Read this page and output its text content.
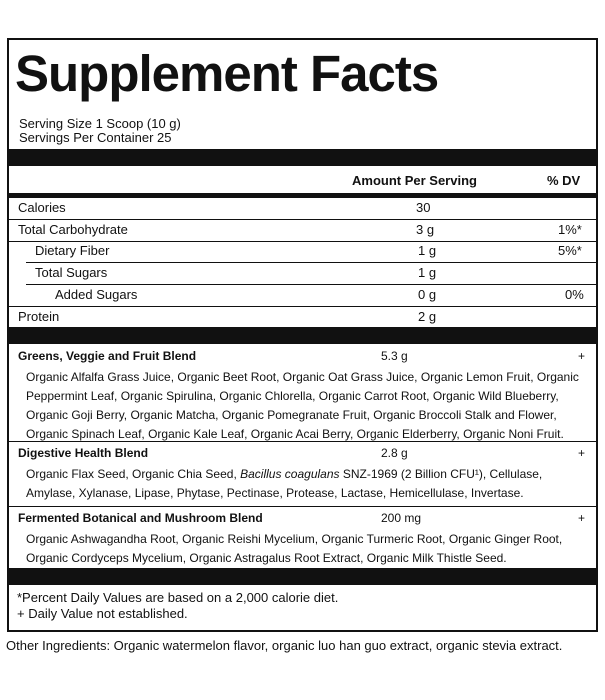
Supplement Facts
Serving Size 1 Scoop (10 g)
Servings Per Container 25
Amount Per Serving	% DV
Calories	30
Total Carbohydrate	3 g	1%*
Dietary Fiber	1 g	5%*
Total Sugars	1 g
Added Sugars	0 g	0%
Protein	2 g
Greens, Veggie and Fruit Blend	5.3 g	+
Organic Alfalfa Grass Juice, Organic Beet Root, Organic Oat Grass Juice, Organic Lemon Fruit, Organic Peppermint Leaf, Organic Spirulina, Organic Chlorella, Organic Carrot Root, Organic Wild Blueberry, Organic Goji Berry, Organic Matcha, Organic Pomegranate Fruit, Organic Broccoli Stalk and Flower, Organic Spinach Leaf, Organic Kale Leaf, Organic Acai Berry, Organic Elderberry, Organic Noni Fruit.
Digestive Health Blend	2.8 g	+
Organic Flax Seed, Organic Chia Seed, Bacillus coagulans SNZ-1969 (2 Billion CFU¹), Cellulase, Amylase, Xylanase, Lipase, Phytase, Pectinase, Protease, Lactase, Hemicellulase, Invertase.
Fermented Botanical and Mushroom Blend	200 mg	+
Organic Ashwagandha Root, Organic Reishi Mycelium, Organic Turmeric Root, Organic Ginger Root, Organic Cordyceps Mycelium, Organic Astragalus Root Extract, Organic Milk Thistle Seed.
*Percent Daily Values are based on a 2,000 calorie diet.
+ Daily Value not established.
Other Ingredients: Organic watermelon flavor, organic luo han guo extract, organic stevia extract.
